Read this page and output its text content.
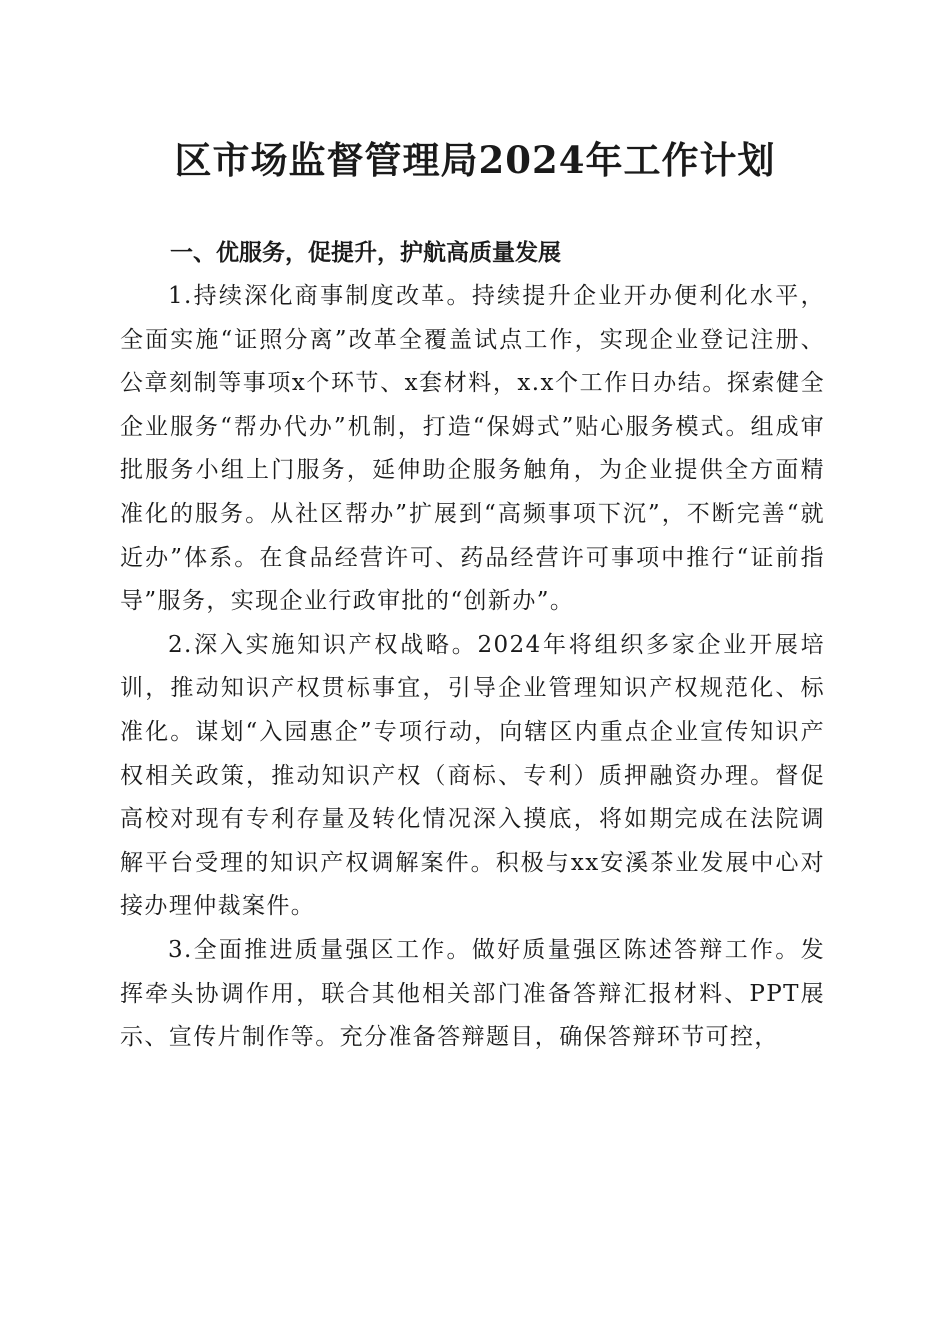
区市场监督管理局2024年工作计划
一、优服务，促提升，护航高质量发展

1.持续深化商事制度改革。持续提升企业开办便利化水平，全面实施“证照分离”改革全覆盖试点工作，实现企业登记注册、公章刻制等事项x个环节、x套材料，x.x个工作日办结。探索健全企业服务“帮办代办”机制，打造“保姆式”贴心服务模式。组成审批服务小组上门服务，延伸助企服务触角，为企业提供全方面精准化的服务。从社区帮办”扩展到“高频事项下沉”，不断完善“就近办”体系。在食品经营许可、药品经营许可事项中推行“证前指导”服务，实现企业行政审批的“创新办”。

2.深入实施知识产权战略。2024年将组织多家企业开展培训，推动知识产权贯标事宜，引导企业管理知识产权规范化、标准化。谋划“入园惠企”专项行动，向辖区内重点企业宣传知识产权相关政策，推动知识产权（商标、专利）质押融资办理。督促高校对现有专利存量及转化情况深入摸底，将如期完成在法院调解平台受理的知识产权调解案件。积极与xx安溪茶业发展中心对接办理仲裁案件。

3.全面推进质量强区工作。做好质量强区陈述答辩工作。发挥牵头协调作用，联合其他相关部门准备答辩汇报材料、PPT展示、宣传片制作等。充分准备答辩题目，确保答辩环节可控，
